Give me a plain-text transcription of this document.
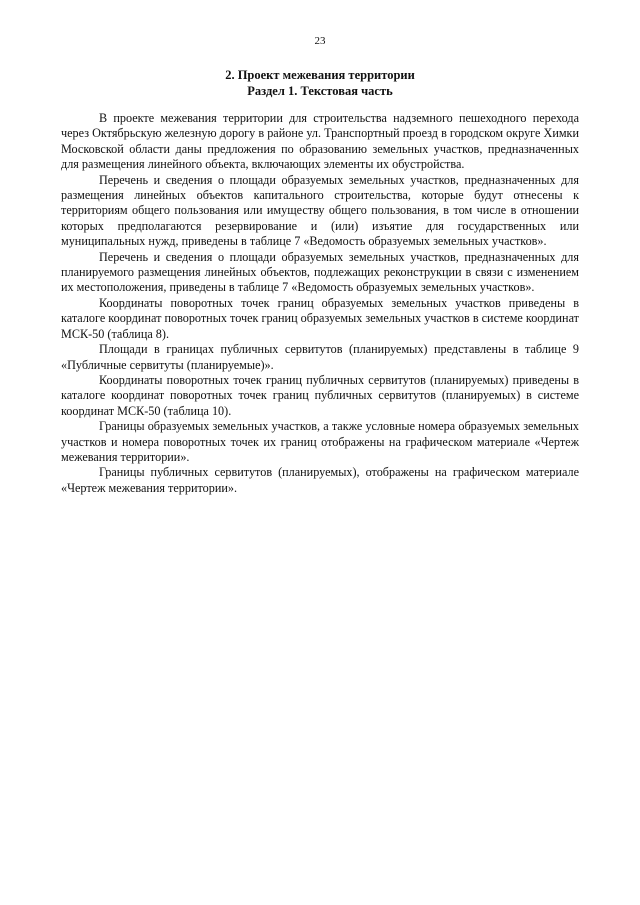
23
2. Проект межевания территории
Раздел 1. Текстовая часть

В проекте межевания территории для строительства надземного пешеходного перехода через Октябрьскую железную дорогу в районе ул. Транспортный проезд в городском округе Химки Московской области даны предложения по образованию земельных участков, предназначенных для размещения линейного объекта, включающих элементы их обустройства.

Перечень и сведения о площади образуемых земельных участков, предназначенных для размещения линейных объектов капитального строительства, которые будут отнесены к территориям общего пользования или имуществу общего пользования, в том числе в отношении которых предполагаются резервирование и (или) изъятие для государственных или муниципальных нужд, приведены в таблице 7 «Ведомость образуемых земельных участков».

Перечень и сведения о площади образуемых земельных участков, предназначенных для планируемого размещения линейных объектов, подлежащих реконструкции в связи с изменением их местоположения, приведены в таблице 7 «Ведомость образуемых земельных участков».

Координаты поворотных точек границ образуемых земельных участков приведены в каталоге координат поворотных точек границ образуемых земельных участков в системе координат МСК-50 (таблица 8).

Площади в границах публичных сервитутов (планируемых) представлены в таблице 9 «Публичные сервитуты (планируемые)».

Координаты поворотных точек границ публичных сервитутов (планируемых) приведены в каталоге координат поворотных точек границ публичных сервитутов (планируемых) в системе координат МСК-50 (таблица 10).

Границы образуемых земельных участков, а также условные номера образуемых земельных участков и номера поворотных точек их границ отображены на графическом материале «Чертеж межевания территории».

Границы публичных сервитутов (планируемых), отображены на графическом материале «Чертеж межевания территории».
